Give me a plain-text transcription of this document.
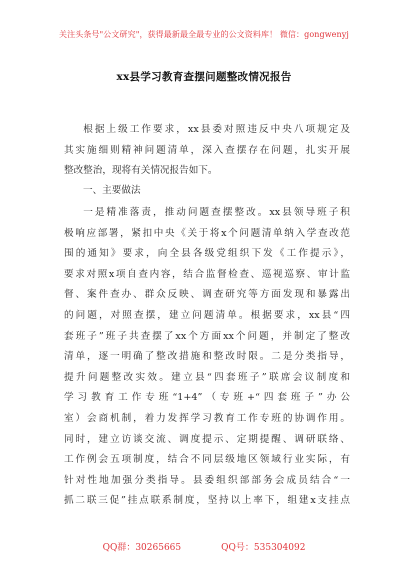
关注头条号"公文研究"，获得最新最全最专业的公文资料库！ 微信：gongwenyj
xx县学习教育查摆问题整改情况报告
根据上级工作要求，xx县委对照违反中央八项规定及
其实施细则精神问题清单，深入查摆存在问题，扎实开展
整改整治，现将有关情况报告如下。
一、主要做法
一是精准落责，推动问题查摆整改。xx县领导班子积
极响应部署，紧扣中央《关于将x个问题清单纳入学查改范
围的通知》要求，向全县各级党组织下发《工作提示》，
要求对照x项自查内容，结合监督检查、巡视巡察、审计监
督、案件查办、群众反映、调查研究等方面发现和暴露出
的问题，对照查摆，建立问题清单。根据要求，xx县“四
套班子”班子共查摆了xx个方面xx个问题，并制定了整改
清单，逐一明确了整改措施和整改时限。二是分类指导，
提升问题整改实效。建立县“四套班子”联席会议制度和
学习教育工作专班“1+4”（专班+“四套班子”办公
室）会商机制，着力发挥学习教育工作专班的协调作用。
同时，建立访谈交流、调度提示、定期提醒、调研联络、
工作例会五项制度，结合不同层级地区领域行业实际，有
针对性地加强分类指导。县委组织部部务会成员结合“一
抓二联三促”挂点联系制度，坚持以上率下，组建x支挂点
QQ群：30265665	QQ号：535304092
